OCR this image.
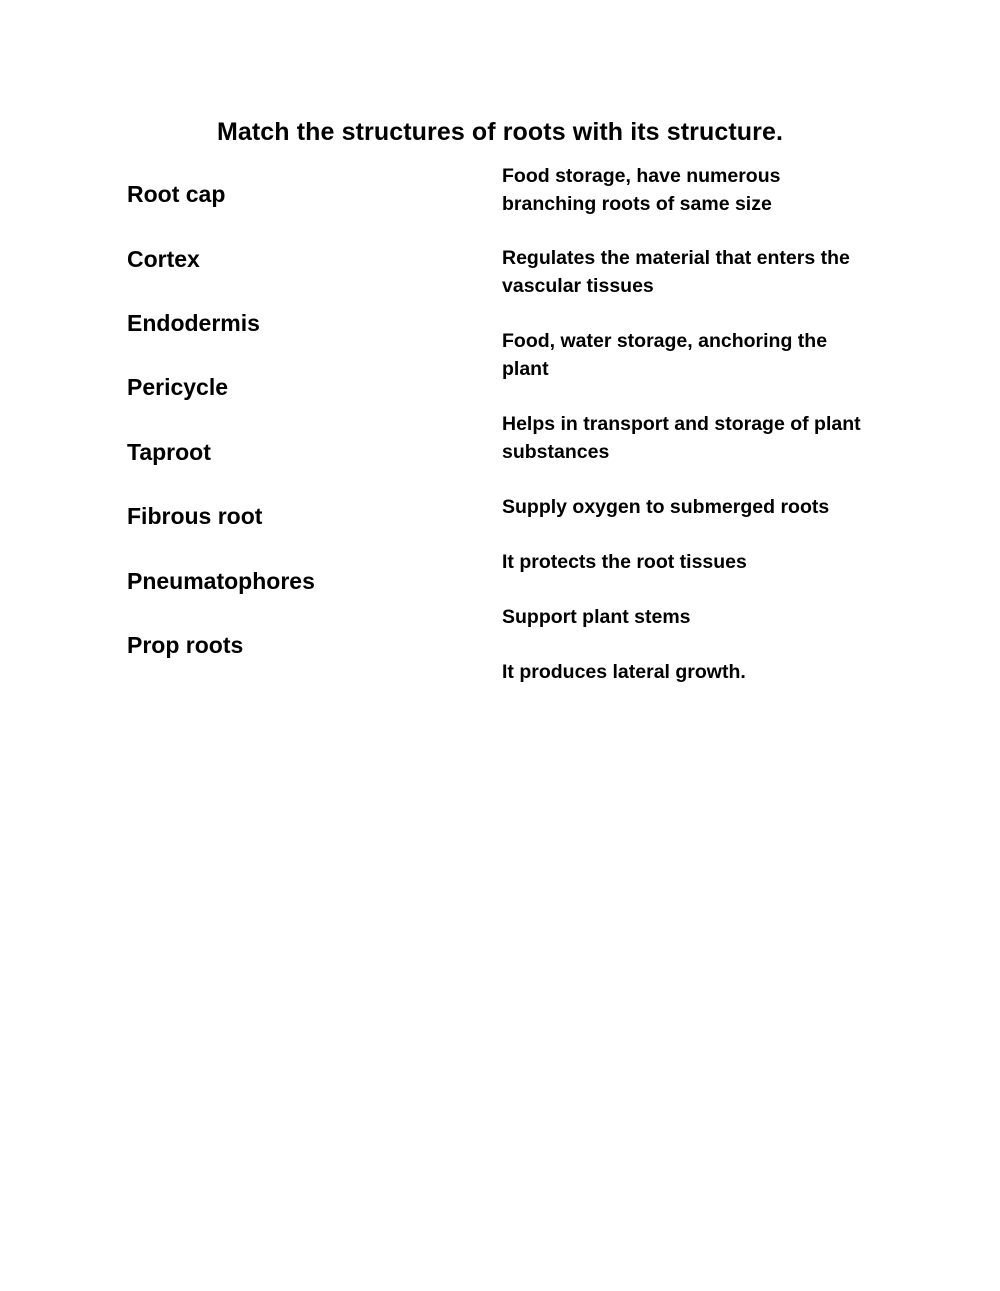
Match the structures of roots with its structure.
Root cap
Cortex
Endodermis
Pericycle
Taproot
Fibrous root
Pneumatophores
Prop roots
Food storage, have numerous
branching roots of same size
Regulates the material that enters the
vascular tissues
Food, water storage, anchoring the
plant
Helps in transport and storage of plant
substances
Supply oxygen to submerged roots
It protects the root tissues
Support plant stems
It produces lateral growth.
